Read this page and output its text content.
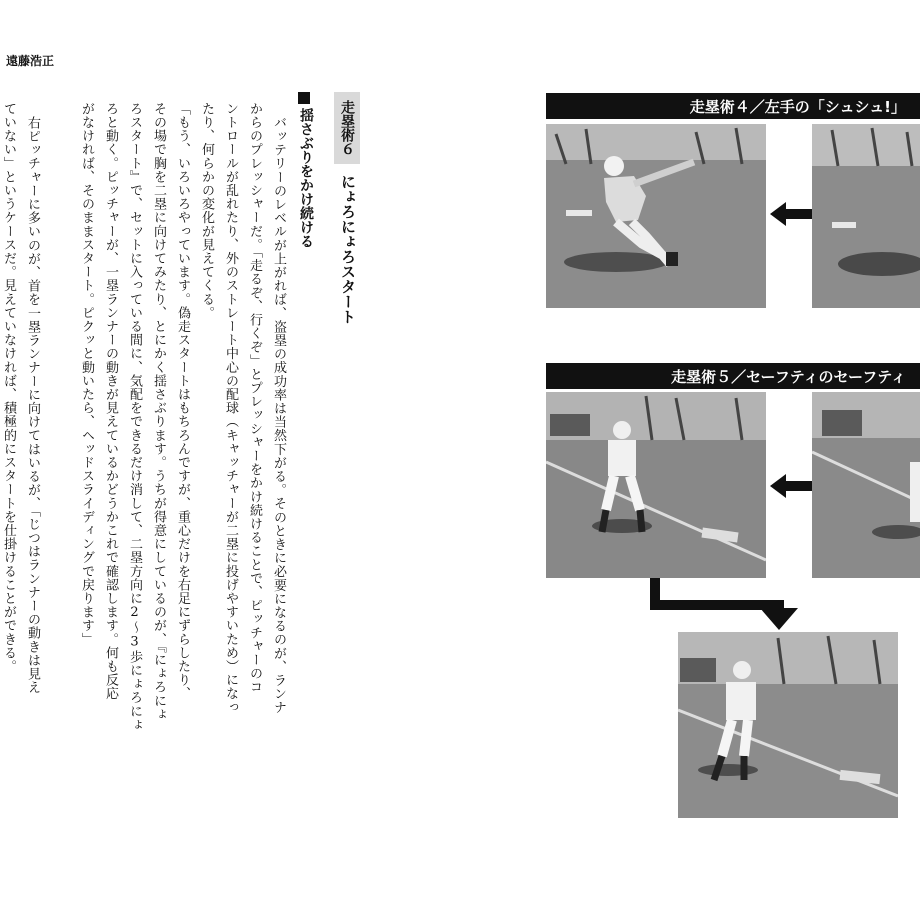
遠藤浩正
バッテリーのレベルが上がれば、盗塁の成功率は当然下がる。そのときに必要になるのが、ランナ
からのプレッシャーだ。「走るぞ、行くぞ」とプレッシャーをかけ続けることで、ピッチャーのコ
ントロールが乱れたり、外のストレート中心の配球（キャッチャーが二塁に投げやすいため）になっ
たり、何らかの変化が見えてくる。
「もう、いろいろやっています。偽走スタートはもちろんですが、重心だけを右足にずらしたり、
その場で胸を二塁に向けてみたり、とにかく揺さぶります。うちが得意にしているのが、『にょろにょ
ろスタート』で、セットに入っている間に、気配をできるだけ消して、二塁方向に2〜3歩にょろにょ
ろと動く。ピッチャーが、一塁ランナーの動きが見えているかどうかこれで確認します。何も反応
がなければ、そのままスタート。ピクッと動いたら、ヘッドスライディングで戻ります」
右ピッチャーに多いのが、首を一塁ランナーに向けてはいるが、「じつはランナーの動きは見え
ていない」というケースだ。見えていなければ、積極的にスタートを仕掛けることができる。	走塁術６
にょろにょろスタート
揺さぶりをかけ続ける
走塁術４／左手の「シュシュ!」
走塁術５／セーフティのセーフティ
